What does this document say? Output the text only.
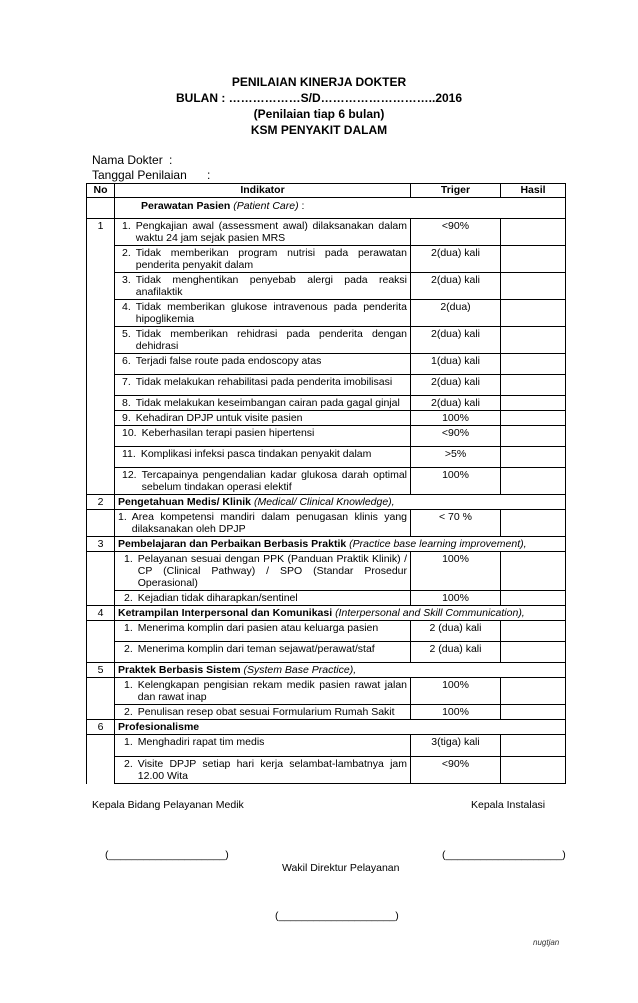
PENILAIAN KINERJA DOKTER
BULAN : ………………S/D………………………..2016
(Penilaian tiap 6 bulan)
KSM PENYAKIT DALAM
Nama Dokter :
Tanggal Penilaian :
No	Indikator	Triger	Hasil
	Perawatan Pasien (Patient Care) :		
1	1. Pengkajian awal (assessment awal) dilaksanakan dalam waktu 24 jam sejak pasien MRS	<90%	

	2. Tidak memberikan program nutrisi pada perawatan penderita penyakit dalam	2(dua) kali	

	3. Tidak menghentikan penyebab alergi pada reaksi anafilaktik	2(dua) kali	

	4. Tidak memberikan glukose intravenous pada penderita hipoglikemia	2(dua)	

	5. Tidak memberikan rehidrasi pada penderita dengan dehidrasi	2(dua) kali	

	6. Terjadi false route pada endoscopy atas	1(dua) kali	

	7. Tidak melakukan rehabilitasi pada penderita imobilisasi	2(dua) kali	

	8. Tidak melakukan keseimbangan cairan pada gagal ginjal	2(dua) kali	

	9. Kehadiran DPJP untuk visite pasien	100%	

	10. Keberhasilan terapi pasien hipertensi	<90%	

	11. Komplikasi infeksi pasca tindakan penyakit dalam	>5%	

	12. Tercapainya pengendalian kadar glukosa darah optimal sebelum tindakan operasi elektif	100%	
2	Pengetahuan Medis/ Klinik (Medical/ Clinical Knowledge),		

	1. Area kompetensi mandiri dalam penugasan klinis yang dilaksanakan oleh DPJP	< 70 %	
3	Pembelajaran dan Perbaikan Berbasis Praktik (Practice base learning improvement),		

	1. Pelayanan sesuai dengan PPK (Panduan Praktik Klinik) / CP (Clinical Pathway) / SPO (Standar Prosedur Operasional)	100%	

	2. Kejadian tidak diharapkan/sentinel	100%	
4	Ketrampilan Interpersonal dan Komunikasi (Interpersonal and Skill Communication),		

	1. Menerima komplin dari pasien atau keluarga pasien	2 (dua) kali	

	2. Menerima komplin dari teman sejawat/perawat/staf	2 (dua) kali	
5	Praktek Berbasis Sistem (System Base Practice),		

	1. Kelengkapan pengisian rekam medik pasien rawat jalan dan rawat inap	100%	

	2. Penulisan resep obat sesuai Formularium Rumah Sakit	100%	
6	Profesionalisme		

	1. Menghadiri rapat tim medis	3(tiga) kali	

	2. Visite DPJP setiap hari kerja selambat-lambatnya jam 12.00 Wita	<90%	
Kepala Bidang Pelayanan Medik	Kepala Instalasi
(____________________)	(____________________)
Wakil Direktur Pelayanan
(____________________)
nugtjan
